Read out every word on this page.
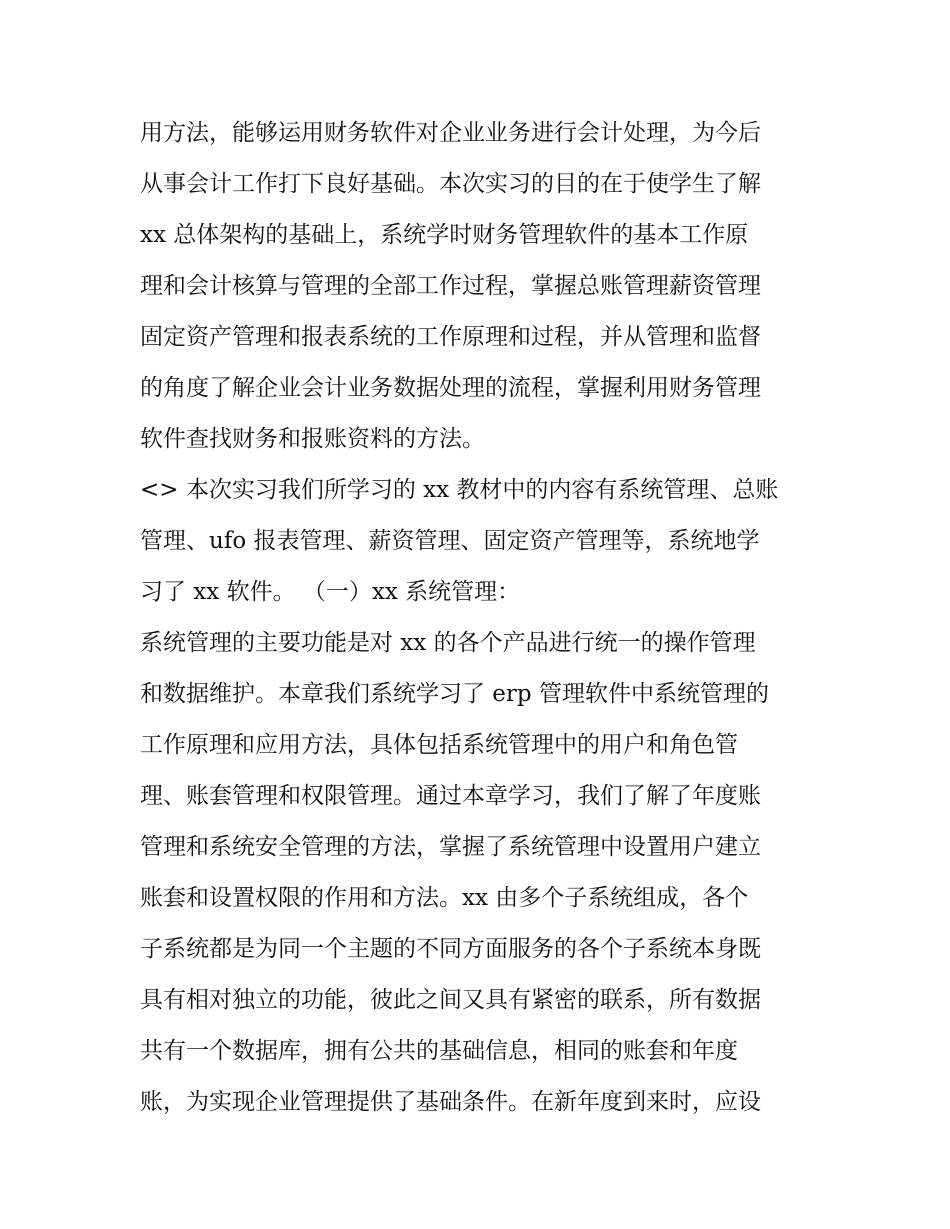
用方法，能够运用财务软件对企业业务进行会计处理，为今后
从事会计工作打下良好基础。本次实习的目的在于使学生了解
xx 总体架构的基础上，系统学时财务管理软件的基本工作原
理和会计核算与管理的全部工作过程，掌握总账管理薪资管理
固定资产管理和报表系统的工作原理和过程，并从管理和监督
的角度了解企业会计业务数据处理的流程，掌握利用财务管理
软件查找财务和报账资料的方法。
<> 本次实习我们所学习的 xx 教材中的内容有系统管理、总账
管理、ufo 报表管理、薪资管理、固定资产管理等，系统地学
习了 xx 软件。 （一）xx 系统管理：
系统管理的主要功能是对 xx 的各个产品进行统一的操作管理
和数据维护。本章我们系统学习了 erp 管理软件中系统管理的
工作原理和应用方法，具体包括系统管理中的用户和角色管
理、账套管理和权限管理。通过本章学习，我们了解了年度账
管理和系统安全管理的方法，掌握了系统管理中设置用户建立
账套和设置权限的作用和方法。xx 由多个子系统组成，各个
子系统都是为同一个主题的不同方面服务的各个子系统本身既
具有相对独立的功能，彼此之间又具有紧密的联系，所有数据
共有一个数据库，拥有公共的基础信息，相同的账套和年度
账，为实现企业管理提供了基础条件。在新年度到来时，应设
